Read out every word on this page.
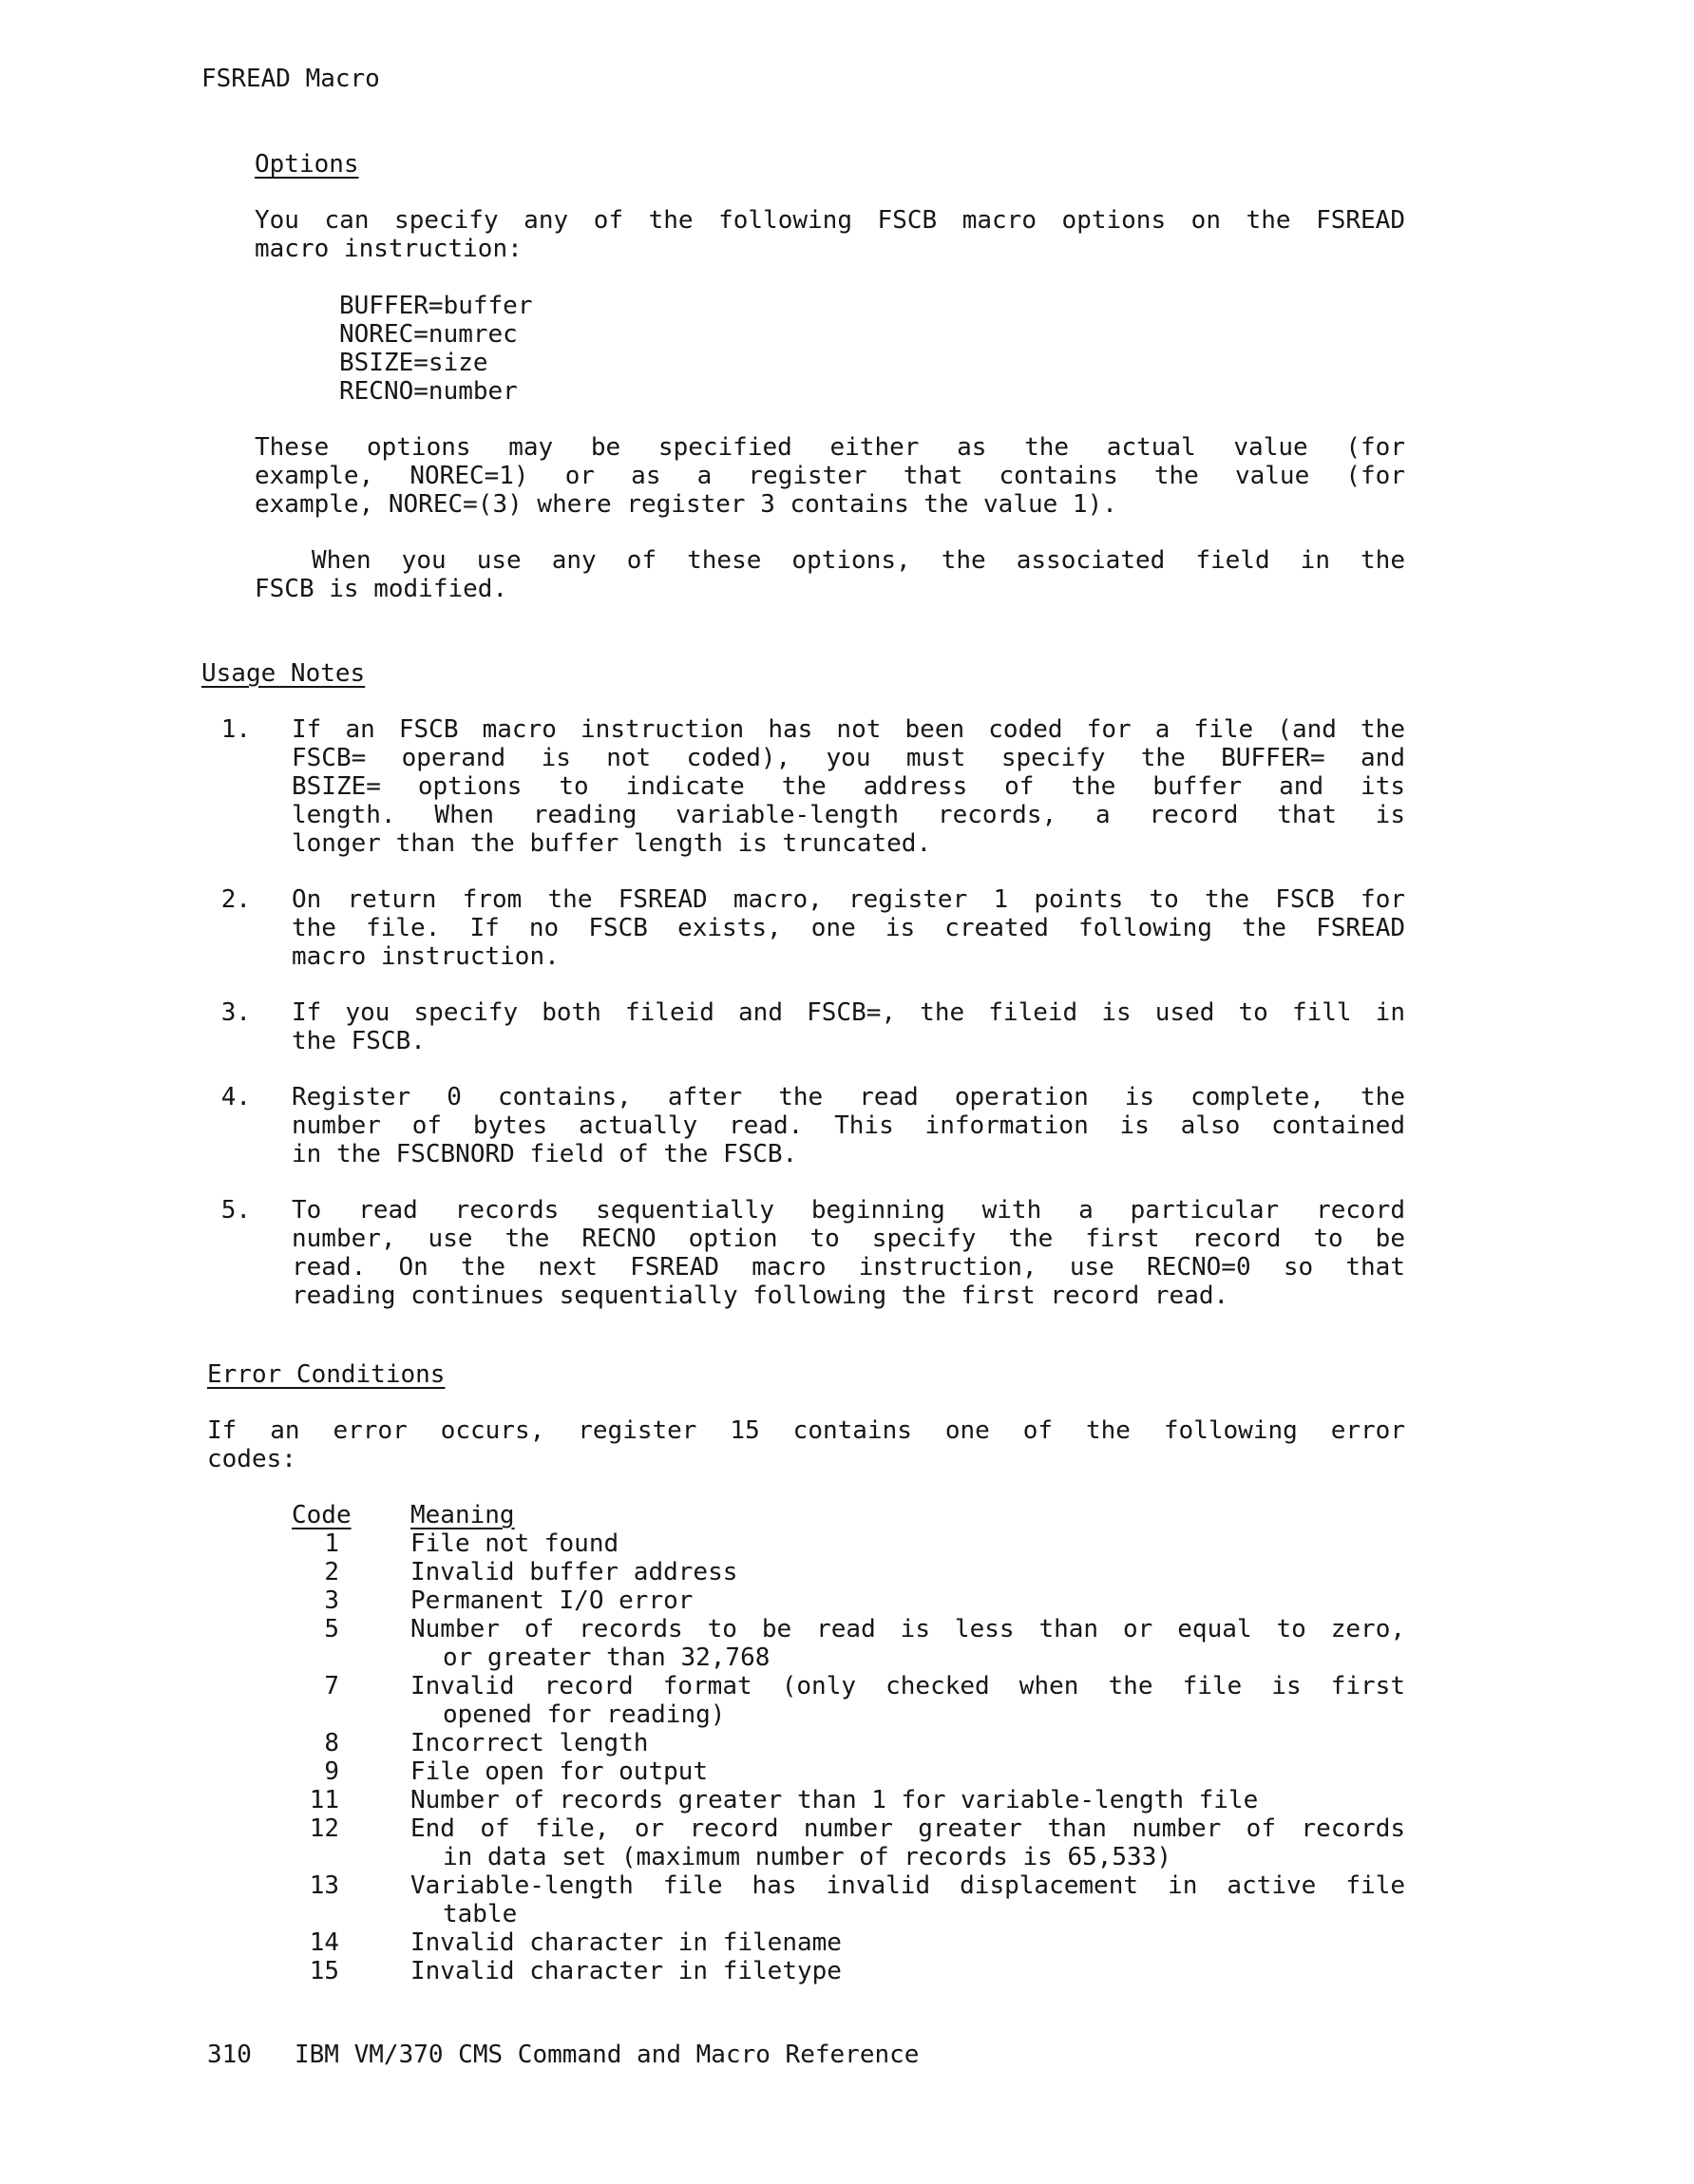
FSREAD Macro
Options
You can specify any of the following FSCB macro options on the FSREAD
macro instruction:
BUFFER=buffer
NOREC=numrec
BSIZE=size
RECNO=number
These options may be specified either as the actual value (for
example, NOREC=1) or as a register that contains the value (for
example, NOREC=(3) where register 3 contains the value 1).
When you use any of these options, the associated field in the
FSCB is modified.
Usage Notes
1. If an FSCB macro instruction has not been coded for a file (and the
FSCB= operand is not coded), you must specify the BUFFER= and
BSIZE= options to indicate the address of the buffer and its
length. When reading variable-length records, a record that is
longer than the buffer length is truncated.
2. On return from the FSREAD macro, register 1 points to the FSCB for
the file. If no FSCB exists, one is created following the FSREAD
macro instruction.
3. If you specify both fileid and FSCB=, the fileid is used to fill in
the FSCB.
4. Register 0 contains, after the read operation is complete, the
number of bytes actually read. This information is also contained
in the FSCBNORD field of the FSCB.
5. To read records sequentially beginning with a particular record
number, use the RECNO option to specify the first record to be
read. On the next FSREAD macro instruction, use RECNO=0 so that
reading continues sequentially following the first record read.
Error Conditions
If an error occurs, register 15 contains one of the following error
codes:
Code Meaning
1	File not found
2	Invalid buffer address
3	Permanent I/O error
5	Number of records to be read is less than or equal to zero,
or greater than 32,768
7	Invalid record format (only checked when the file is first
opened for reading)
8	Incorrect length
9	File open for output
11	Number of records greater than 1 for variable-length file
12	End of file, or record number greater than number of records
in data set (maximum number of records is 65,533)
13	Variable-length file has invalid displacement in active file
table
14	Invalid character in filename
15	Invalid character in filetype
310 IBM VM/370 CMS Command and Macro Reference
